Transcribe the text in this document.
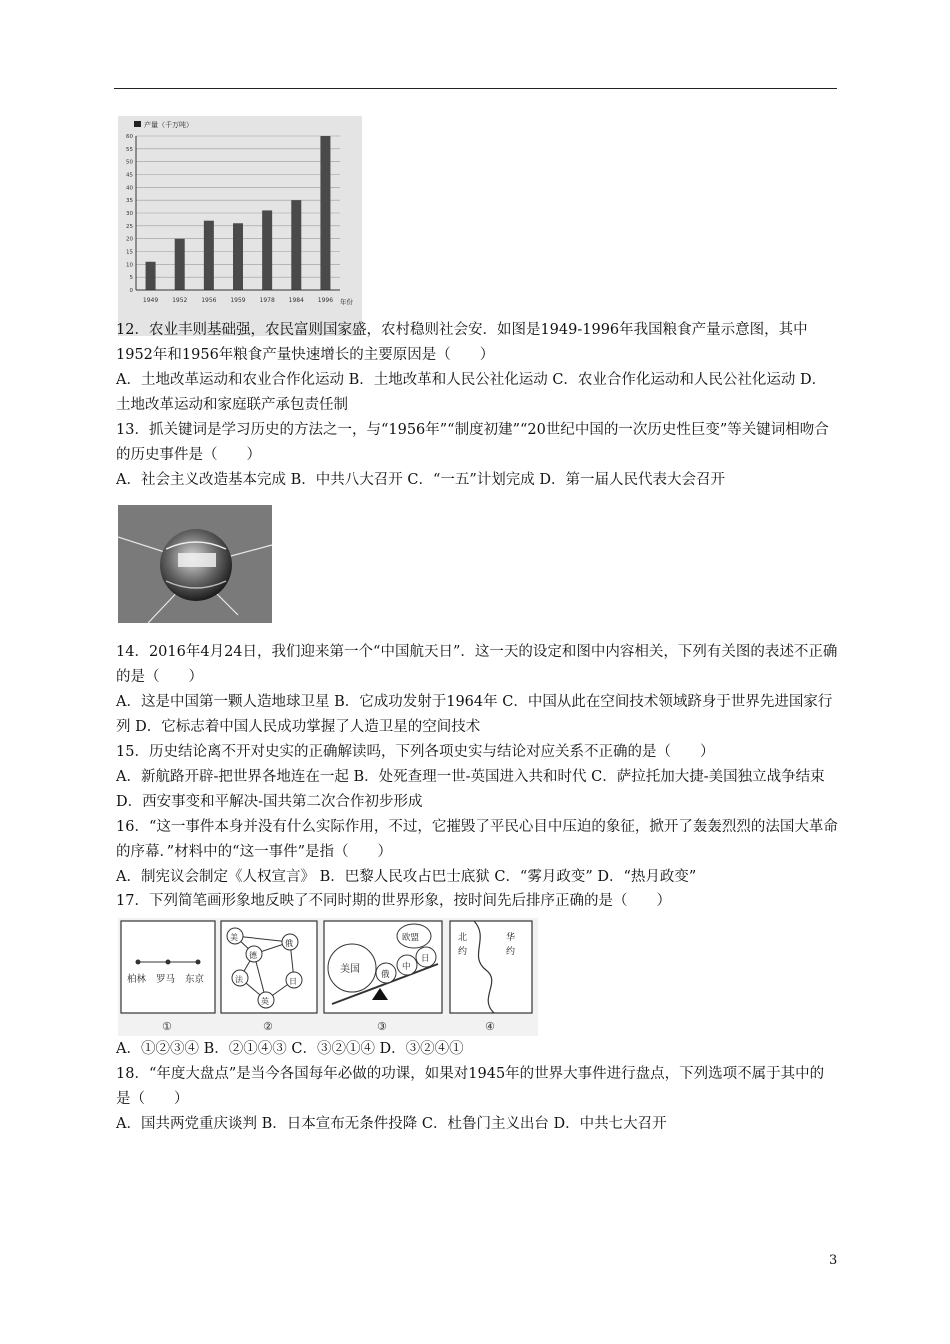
产量（千万吨）
0
5
10
15
20
25
30
35
40
45
50
55
60
1949 1952 1956 1959 1978 1984 1996 年份

12．农业丰则基础强，农民富则国家盛，农村稳则社会安．如图是1949-1996年我国粮食产量示意图，其中1952年和1956年粮食产量快速增长的主要原因是（　　）

A．土地改革运动和农业合作化运动 B．土地改革和人民公社化运动 C．农业合作化运动和人民公社化运动 D．土地改革运动和家庭联产承包责任制

13．抓关键词是学习历史的方法之一，与“1956年”“制度初建”“20世纪中国的一次历史性巨变”等关键词相吻合的历史事件是（　　）

A．社会主义改造基本完成 B．中共八大召开 C．“一五”计划完成 D．第一届人民代表大会召开

14．2016年4月24日，我们迎来第一个“中国航天日”．这一天的设定和图中内容相关，下列有关图的表述不正确的是（　　）

A．这是中国第一颗人造地球卫星 B．它成功发射于1964年 C．中国从此在空间技术领域跻身于世界先进国家行列 D．它标志着中国人民成功掌握了人造卫星的空间技术

15．历史结论离不开对史实的正确解读吗，下列各项史实与结论对应关系不正确的是（　　）

A．新航路开辟-把世界各地连在一起 B．处死查理一世-英国进入共和时代 C．萨拉托加大捷-美国独立战争结束 D．西安事变和平解决-国共第二次合作初步形成

16．“这一事件本身并没有什么实际作用，不过，它摧毁了平民心目中压迫的象征，掀开了轰轰烈烈的法国大革命的序幕．”材料中的“这一事件”是指（　　）

A．制宪议会制定《人权宣言》 B．巴黎人民攻占巴士底狱 C．“雾月政变” D．“热月政变”

17．下列简笔画形象地反映了不同时期的世界形象，按时间先后排序正确的是（　　）

柏林 罗马 东京
①
美
俄
德
法	日
英
②
美国 俄
中
日
欧盟
③
北
约
华
约
④

A．①②③④ B．②①④③ C．③②①④ D．③②④①

18．“年度大盘点”是当今各国每年必做的功课，如果对1945年的世界大事件进行盘点，下列选项不属于其中的是（　　）

A．国共两党重庆谈判 B．日本宣布无条件投降 C．杜鲁门主义出台 D．中共七大召开

3
